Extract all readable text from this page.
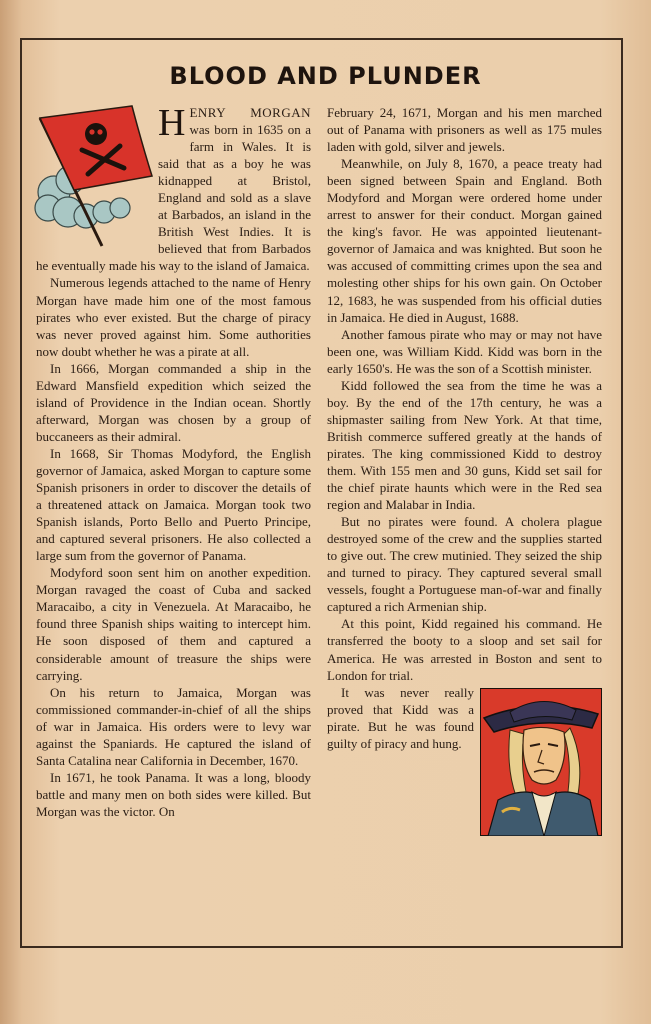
BLOOD AND PLUNDER

HENRY MORGAN was born in 1635 on a farm in Wales. It is said that as a boy he was kidnapped at Bristol, England and sold as a slave at Barbados, an island in the British West Indies. It is believed that from Barbados he eventually made his way to the island of Jamaica.

Numerous legends attached to the name of Henry Morgan have made him one of the most famous pirates who ever existed. But the charge of piracy was never proved against him. Some authorities now doubt whether he was a pirate at all.

In 1666, Morgan commanded a ship in the Edward Mansfield expedition which seized the island of Providence in the Indian ocean. Shortly afterward, Morgan was chosen by a group of buccaneers as their admiral.

In 1668, Sir Thomas Modyford, the English governor of Jamaica, asked Morgan to capture some Spanish prisoners in order to discover the details of a threatened attack on Jamaica. Morgan took two Spanish islands, Porto Bello and Puerto Principe, and captured several prisoners. He also collected a large sum from the governor of Panama.

Modyford soon sent him on another expedition. Morgan ravaged the coast of Cuba and sacked Maracaibo, a city in Venezuela. At Maracaibo, he found three Spanish ships waiting to intercept him. He soon disposed of them and captured a considerable amount of treasure the ships were carrying.

On his return to Jamaica, Morgan was commissioned commander-in-chief of all the ships of war in Jamaica. His orders were to levy war against the Spaniards. He captured the island of Santa Catalina near California in December, 1670.

In 1671, he took Panama. It was a long, bloody battle and many men on both sides were killed. But Morgan was the victor. On

February 24, 1671, Morgan and his men marched out of Panama with prisoners as well as 175 mules laden with gold, silver and jewels.

Meanwhile, on July 8, 1670, a peace treaty had been signed between Spain and England. Both Modyford and Morgan were ordered home under arrest to answer for their conduct. Morgan gained the king's favor. He was appointed lieutenant-governor of Jamaica and was knighted. But soon he was accused of committing crimes upon the sea and molesting other ships for his own gain. On October 12, 1683, he was suspended from his official duties in Jamaica. He died in August, 1688.

Another famous pirate who may or may not have been one, was William Kidd. Kidd was born in the early 1650's. He was the son of a Scottish minister.

Kidd followed the sea from the time he was a boy. By the end of the 17th century, he was a shipmaster sailing from New York. At that time, British commerce suffered greatly at the hands of pirates. The king commissioned Kidd to destroy them. With 155 men and 30 guns, Kidd set sail for the chief pirate haunts which were in the Red sea region and Malabar in India.

But no pirates were found. A cholera plague destroyed some of the crew and the supplies started to give out. The crew mutinied. They seized the ship and turned to piracy. They captured several small vessels, fought a Portuguese man-of-war and finally captured a rich Armenian ship.

At this point, Kidd regained his command. He transferred the booty to a sloop and set sail for America. He was arrested in Boston and sent to London for trial.

It was never really proved that Kidd was a pirate. But he was found guilty of piracy and hung.
